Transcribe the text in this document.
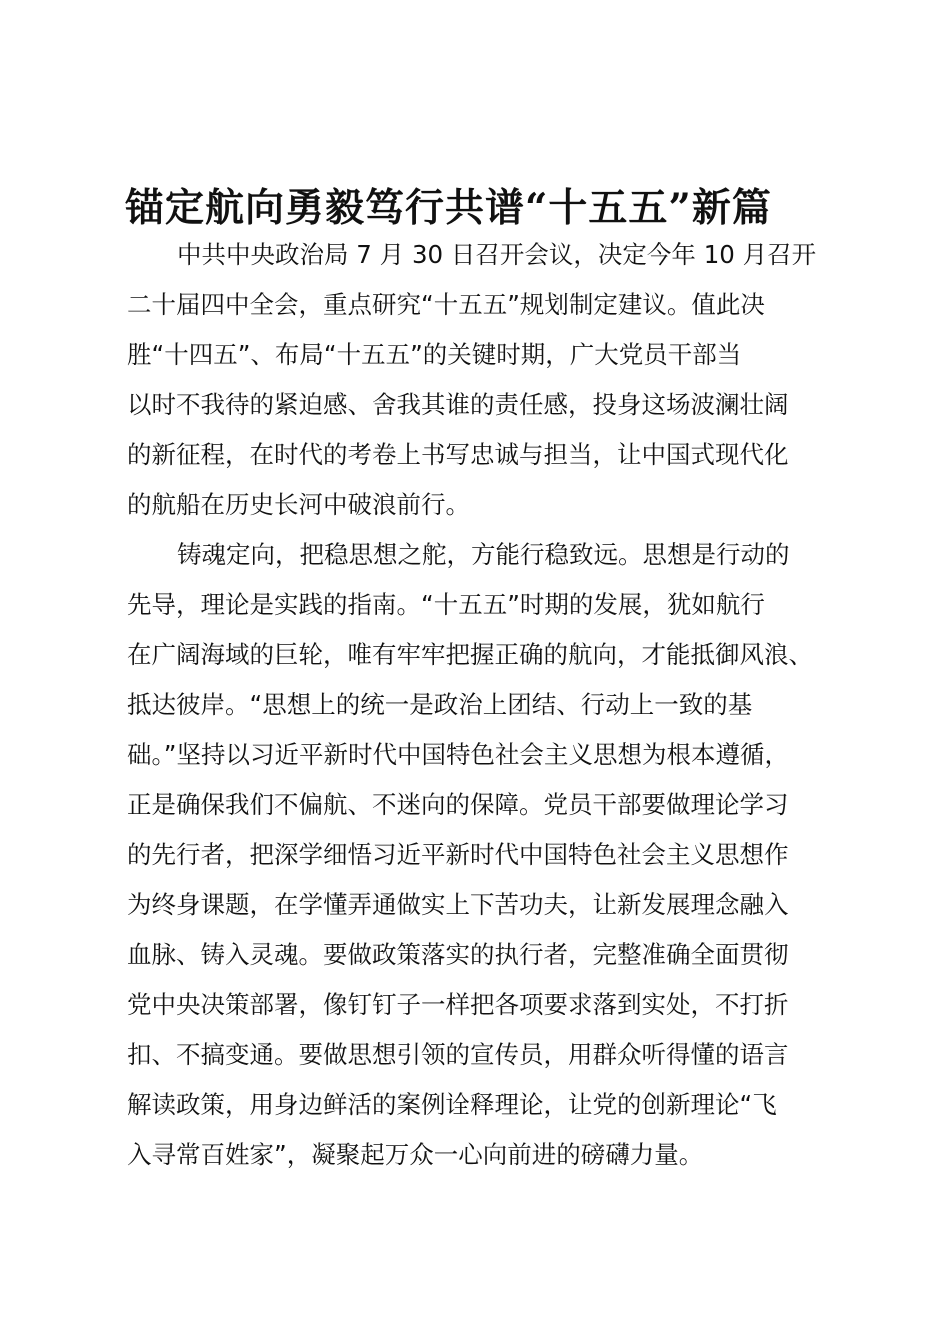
锚定航向勇毅笃行共谱“十五五”新篇
中共中央政治局 7 月 30 日召开会议，决定今年 10 月召开
二十届四中全会，重点研究“十五五”规划制定建议。值此决
胜“十四五”、布局“十五五”的关键时期，广大党员干部当
以时不我待的紧迫感、舍我其谁的责任感，投身这场波澜壮阔
的新征程，在时代的考卷上书写忠诚与担当，让中国式现代化
的航船在历史长河中破浪前行。
铸魂定向，把稳思想之舵，方能行稳致远。思想是行动的
先导，理论是实践的指南。“十五五”时期的发展，犹如航行
在广阔海域的巨轮，唯有牢牢把握正确的航向，才能抵御风浪、
抵达彼岸。“思想上的统一是政治上团结、行动上一致的基
础。”坚持以习近平新时代中国特色社会主义思想为根本遵循，
正是确保我们不偏航、不迷向的保障。党员干部要做理论学习
的先行者，把深学细悟习近平新时代中国特色社会主义思想作
为终身课题，在学懂弄通做实上下苦功夫，让新发展理念融入
血脉、铸入灵魂。要做政策落实的执行者，完整准确全面贯彻
党中央决策部署，像钉钉子一样把各项要求落到实处，不打折
扣、不搞变通。要做思想引领的宣传员，用群众听得懂的语言
解读政策，用身边鲜活的案例诠释理论，让党的创新理论“飞
入寻常百姓家”，凝聚起万众一心向前进的磅礴力量。
